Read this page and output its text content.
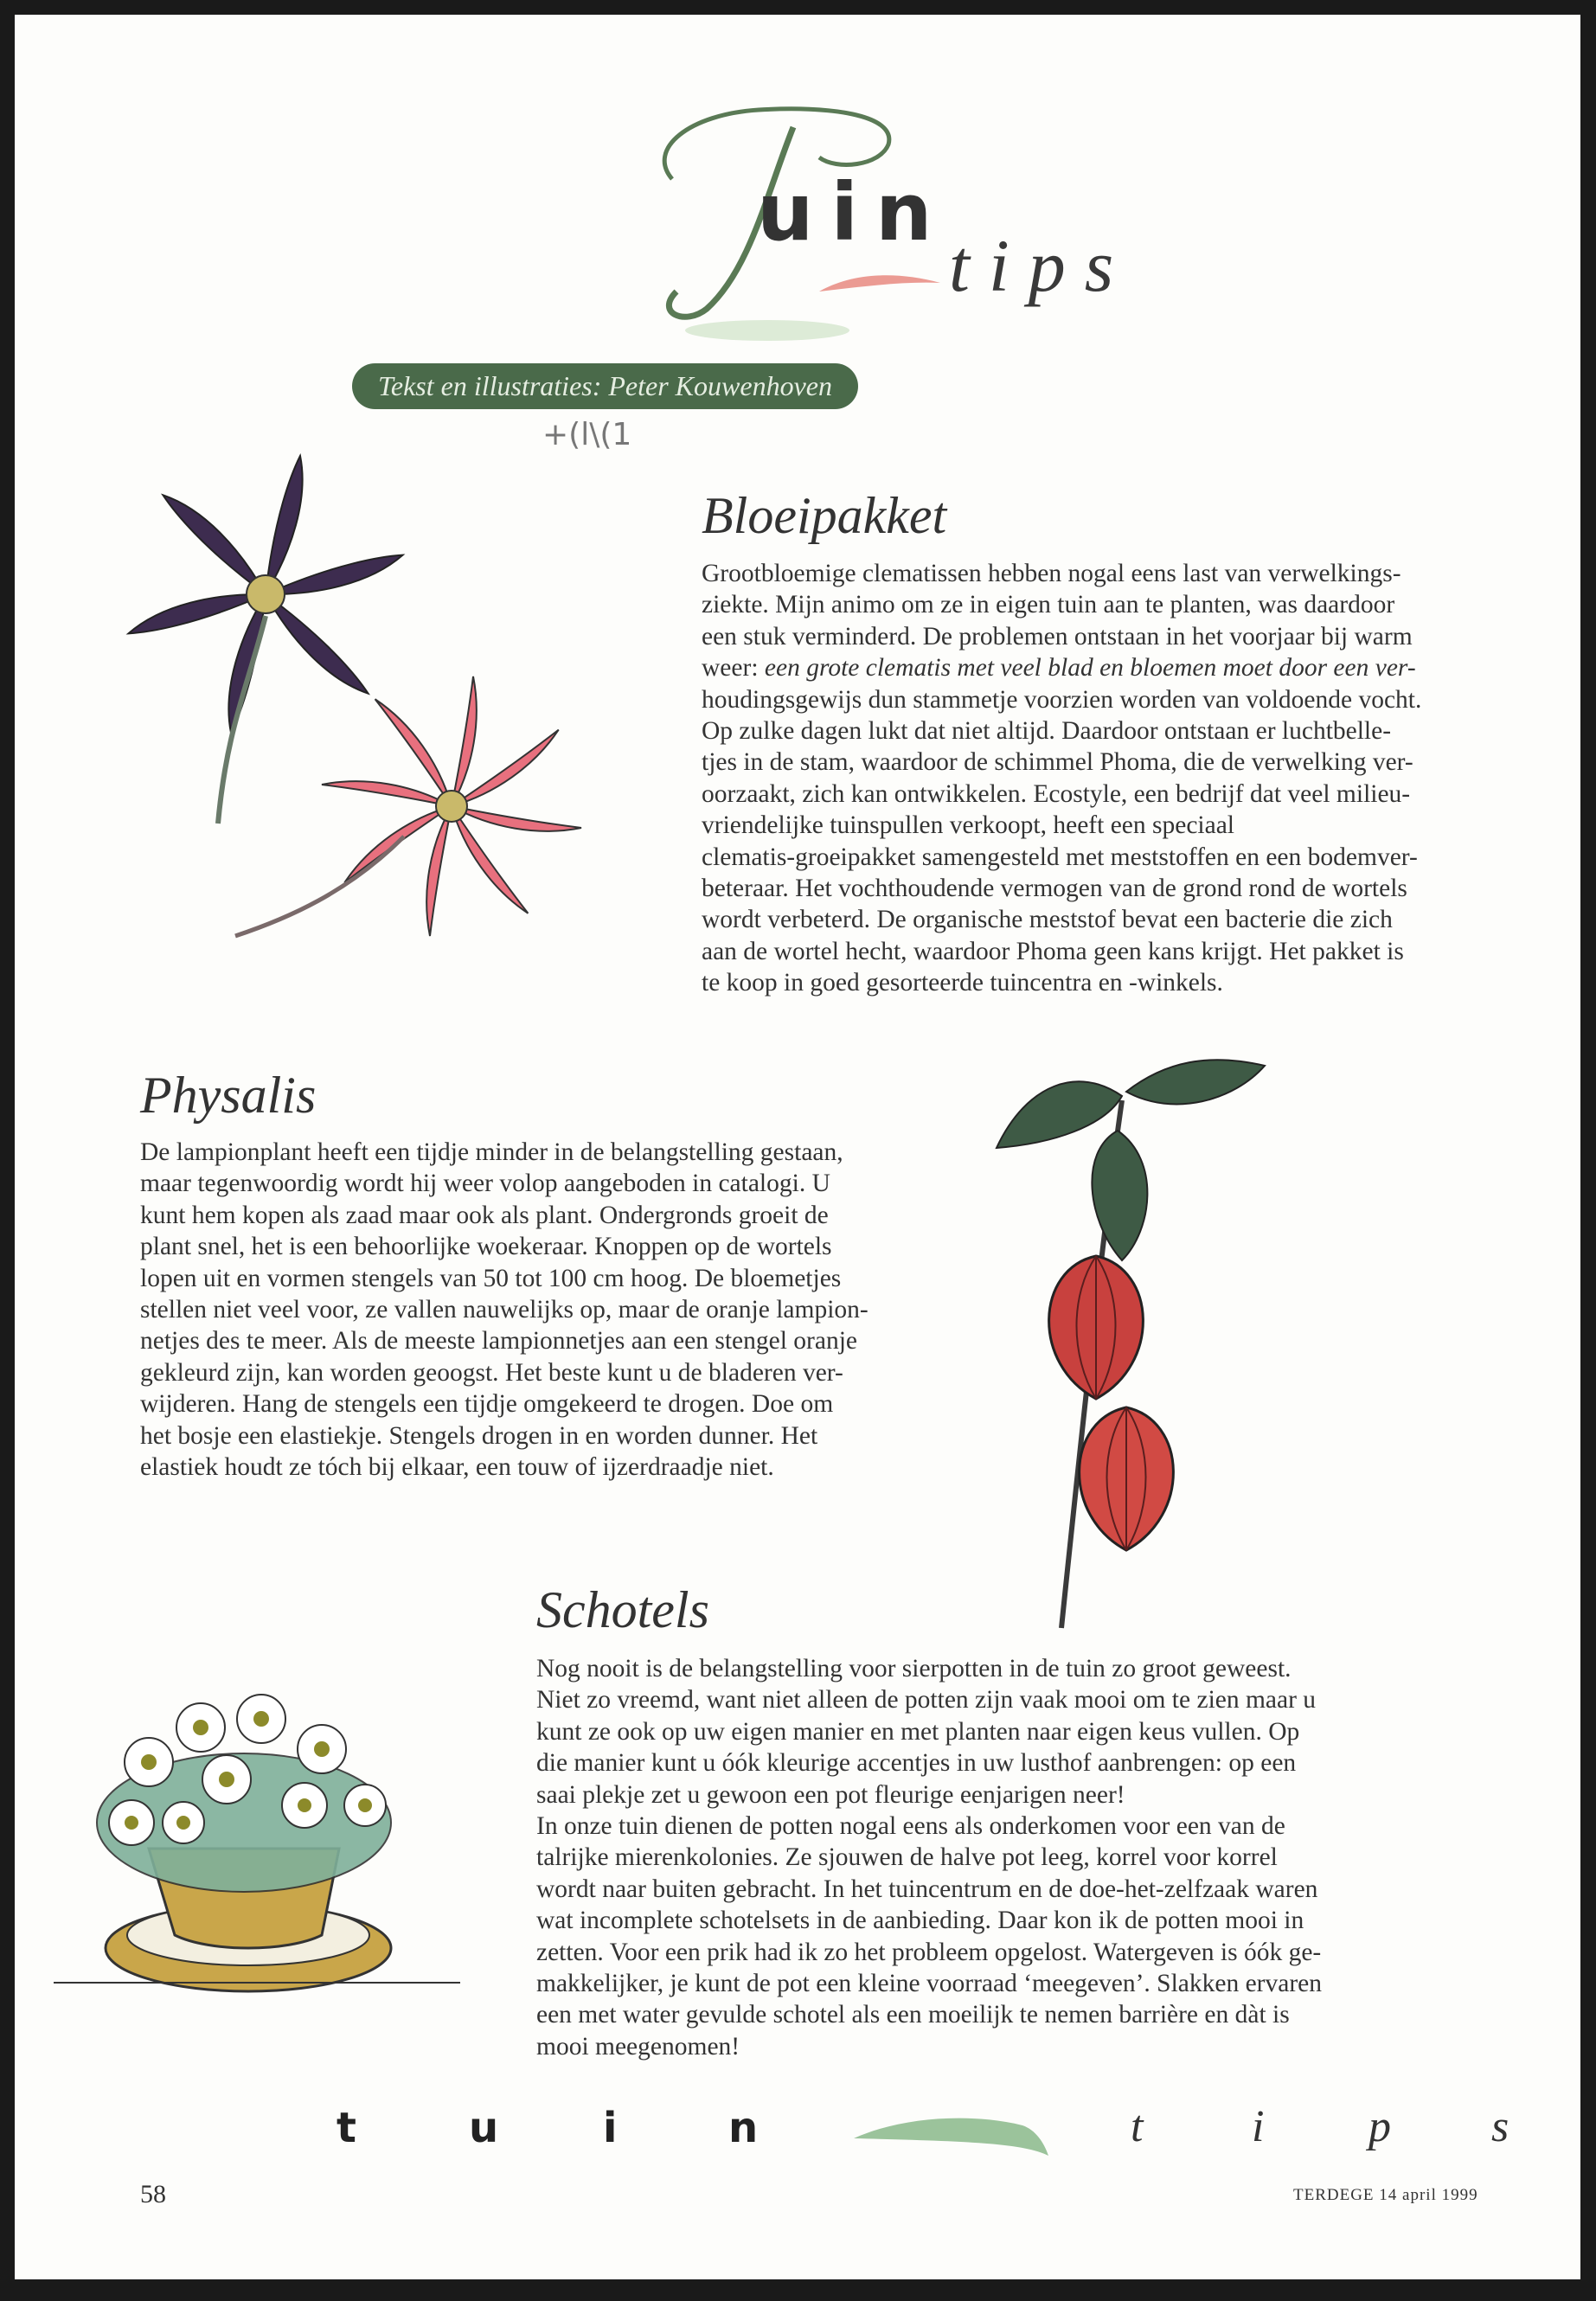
uin
tips
Tekst en illustraties: Peter Kouwenhoven
+(l\(1
Bloeipakket

Grootbloemige clematissen hebben nogal eens last van verwelkings-

ziekte. Mijn animo om ze in eigen tuin aan te planten, was daardoor

een stuk verminderd. De problemen ontstaan in het voorjaar bij warm

weer: een grote clematis met veel blad en bloemen moet door een ver-

houdingsgewijs dun stammetje voorzien worden van voldoende vocht.

Op zulke dagen lukt dat niet altijd. Daardoor ontstaan er luchtbelle-

tjes in de stam, waardoor de schimmel Phoma, die de verwelking ver-

oorzaakt, zich kan ontwikkelen. Ecostyle, een bedrijf dat veel milieu-

vriendelijke tuinspullen verkoopt, heeft een speciaal

clematis-groeipakket samengesteld met meststoffen en een bodemver-

beteraar. Het vochthoudende vermogen van de grond rond de wortels

wordt verbeterd. De organische meststof bevat een bacterie die zich

aan de wortel hecht, waardoor Phoma geen kans krijgt. Het pakket is

te koop in goed gesorteerde tuincentra en -winkels.

Physalis

De lampionplant heeft een tijdje minder in de belangstelling gestaan,

maar tegenwoordig wordt hij weer volop aangeboden in catalogi. U

kunt hem kopen als zaad maar ook als plant. Ondergronds groeit de

plant snel, het is een behoorlijke woekeraar. Knoppen op de wortels

lopen uit en vormen stengels van 50 tot 100 cm hoog. De bloemetjes

stellen niet veel voor, ze vallen nauwelijks op, maar de oranje lampion-

netjes des te meer. Als de meeste lampionnetjes aan een stengel oranje

gekleurd zijn, kan worden geoogst. Het beste kunt u de bladeren ver-

wijderen. Hang de stengels een tijdje omgekeerd te drogen. Doe om

het bosje een elastiekje. Stengels drogen in en worden dunner. Het

elastiek houdt ze tóch bij elkaar, een touw of ijzerdraadje niet.

Schotels

Nog nooit is de belangstelling voor sierpotten in de tuin zo groot geweest.

Niet zo vreemd, want niet alleen de potten zijn vaak mooi om te zien maar u

kunt ze ook op uw eigen manier en met planten naar eigen keus vullen. Op

die manier kunt u óók kleurige accentjes in uw lusthof aanbrengen: op een

saai plekje zet u gewoon een pot fleurige eenjarigen neer!

In onze tuin dienen de potten nogal eens als onderkomen voor een van de

talrijke mierenkolonies. Ze sjouwen de halve pot leeg, korrel voor korrel

wordt naar buiten gebracht. In het tuincentrum en de doe-het-zelfzaak waren

wat incomplete schotelsets in de aanbieding. Daar kon ik de potten mooi in

zetten. Voor een prik had ik zo het probleem opgelost. Watergeven is óók ge-

makkelijker, je kunt de pot een kleine voorraad ‘meegeven’. Slakken ervaren

een met water gevulde schotel als een moeilijk te nemen barrière en dàt is

mooi meegenomen!

t	u	i	n	t i p s
58	TERDEGE 14 april 1999
